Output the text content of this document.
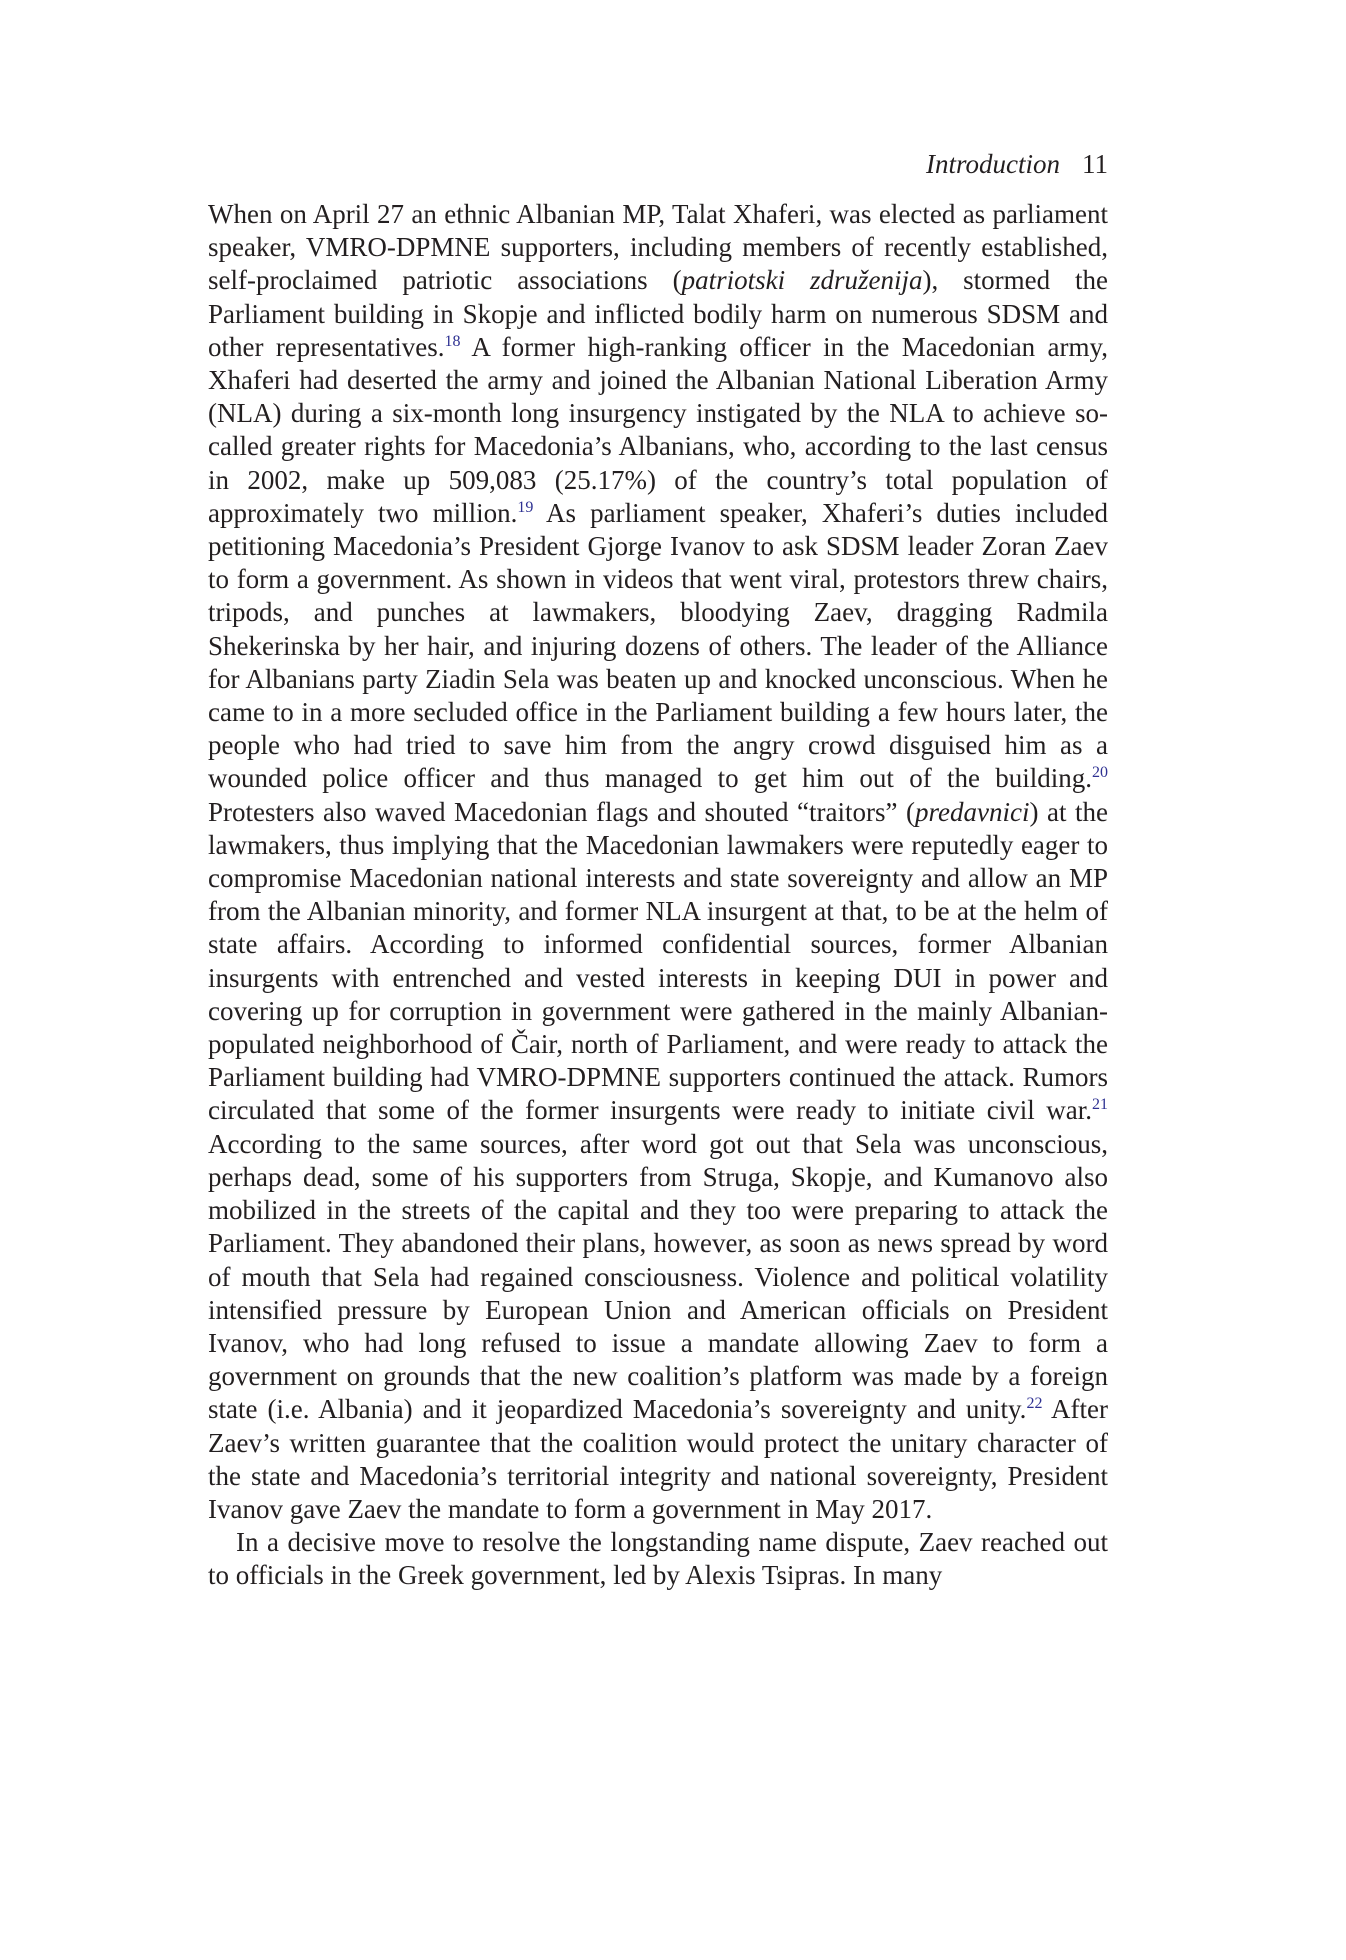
Introduction 11

When on April 27 an ethnic Albanian MP, Talat Xhaferi, was elected as parliament speaker, VMRO-DPMNE supporters, including members of recently established, self-proclaimed patriotic associations (patriotski združenija), stormed the Parliament building in Skopje and inflicted bodily harm on numerous SDSM and other representatives.$^{18}$ A former high-ranking officer in the Macedonian army, Xhaferi had deserted the army and joined the Albanian National Liberation Army (NLA) during a six-month long insurgency instigated by the NLA to achieve so-called greater rights for Macedonia’s Albanians, who, according to the last census in 2002, make up 509,083 (25.17%) of the country’s total population of approximately two million.$^{19}$ As parliament speaker, Xhaferi’s duties included petitioning Macedonia’s President Gjorge Ivanov to ask SDSM leader Zoran Zaev to form a government. As shown in videos that went viral, protestors threw chairs, tripods, and punches at lawmakers, bloodying Zaev, dragging Radmila Shekerinska by her hair, and injuring dozens of others. The leader of the Alliance for Albanians party Ziadin Sela was beaten up and knocked unconscious. When he came to in a more secluded office in the Parliament building a few hours later, the people who had tried to save him from the angry crowd disguised him as a wounded police officer and thus managed to get him out of the building.$^{20}$ Protesters also waved Macedonian flags and shouted “traitors” (predavnici) at the lawmakers, thus implying that the Macedonian lawmakers were reputedly eager to compromise Macedonian national interests and state sovereignty and allow an MP from the Albanian minority, and former NLA insurgent at that, to be at the helm of state affairs. According to informed confidential sources, former Albanian insurgents with entrenched and vested interests in keeping DUI in power and covering up for corruption in government were gathered in the mainly Albanian-populated neighborhood of Čair, north of Parliament, and were ready to attack the Parliament building had VMRO-DPMNE supporters continued the attack. Rumors circulated that some of the former insurgents were ready to initiate civil war.$^{21}$ According to the same sources, after word got out that Sela was unconscious, perhaps dead, some of his supporters from Struga, Skopje, and Kumanovo also mobilized in the streets of the capital and they too were preparing to attack the Parliament. They abandoned their plans, however, as soon as news spread by word of mouth that Sela had regained consciousness. Violence and political volatility intensified pressure by European Union and American officials on President Ivanov, who had long refused to issue a mandate allowing Zaev to form a government on grounds that the new coalition’s platform was made by a foreign state (i.e. Albania) and it jeopardized Macedonia’s sovereignty and unity.$^{22}$ After Zaev’s written guarantee that the coalition would protect the unitary character of the state and Macedonia’s territorial integrity and national sovereignty, President Ivanov gave Zaev the mandate to form a government in May 2017.

In a decisive move to resolve the longstanding name dispute, Zaev reached out to officials in the Greek government, led by Alexis Tsipras. In many
